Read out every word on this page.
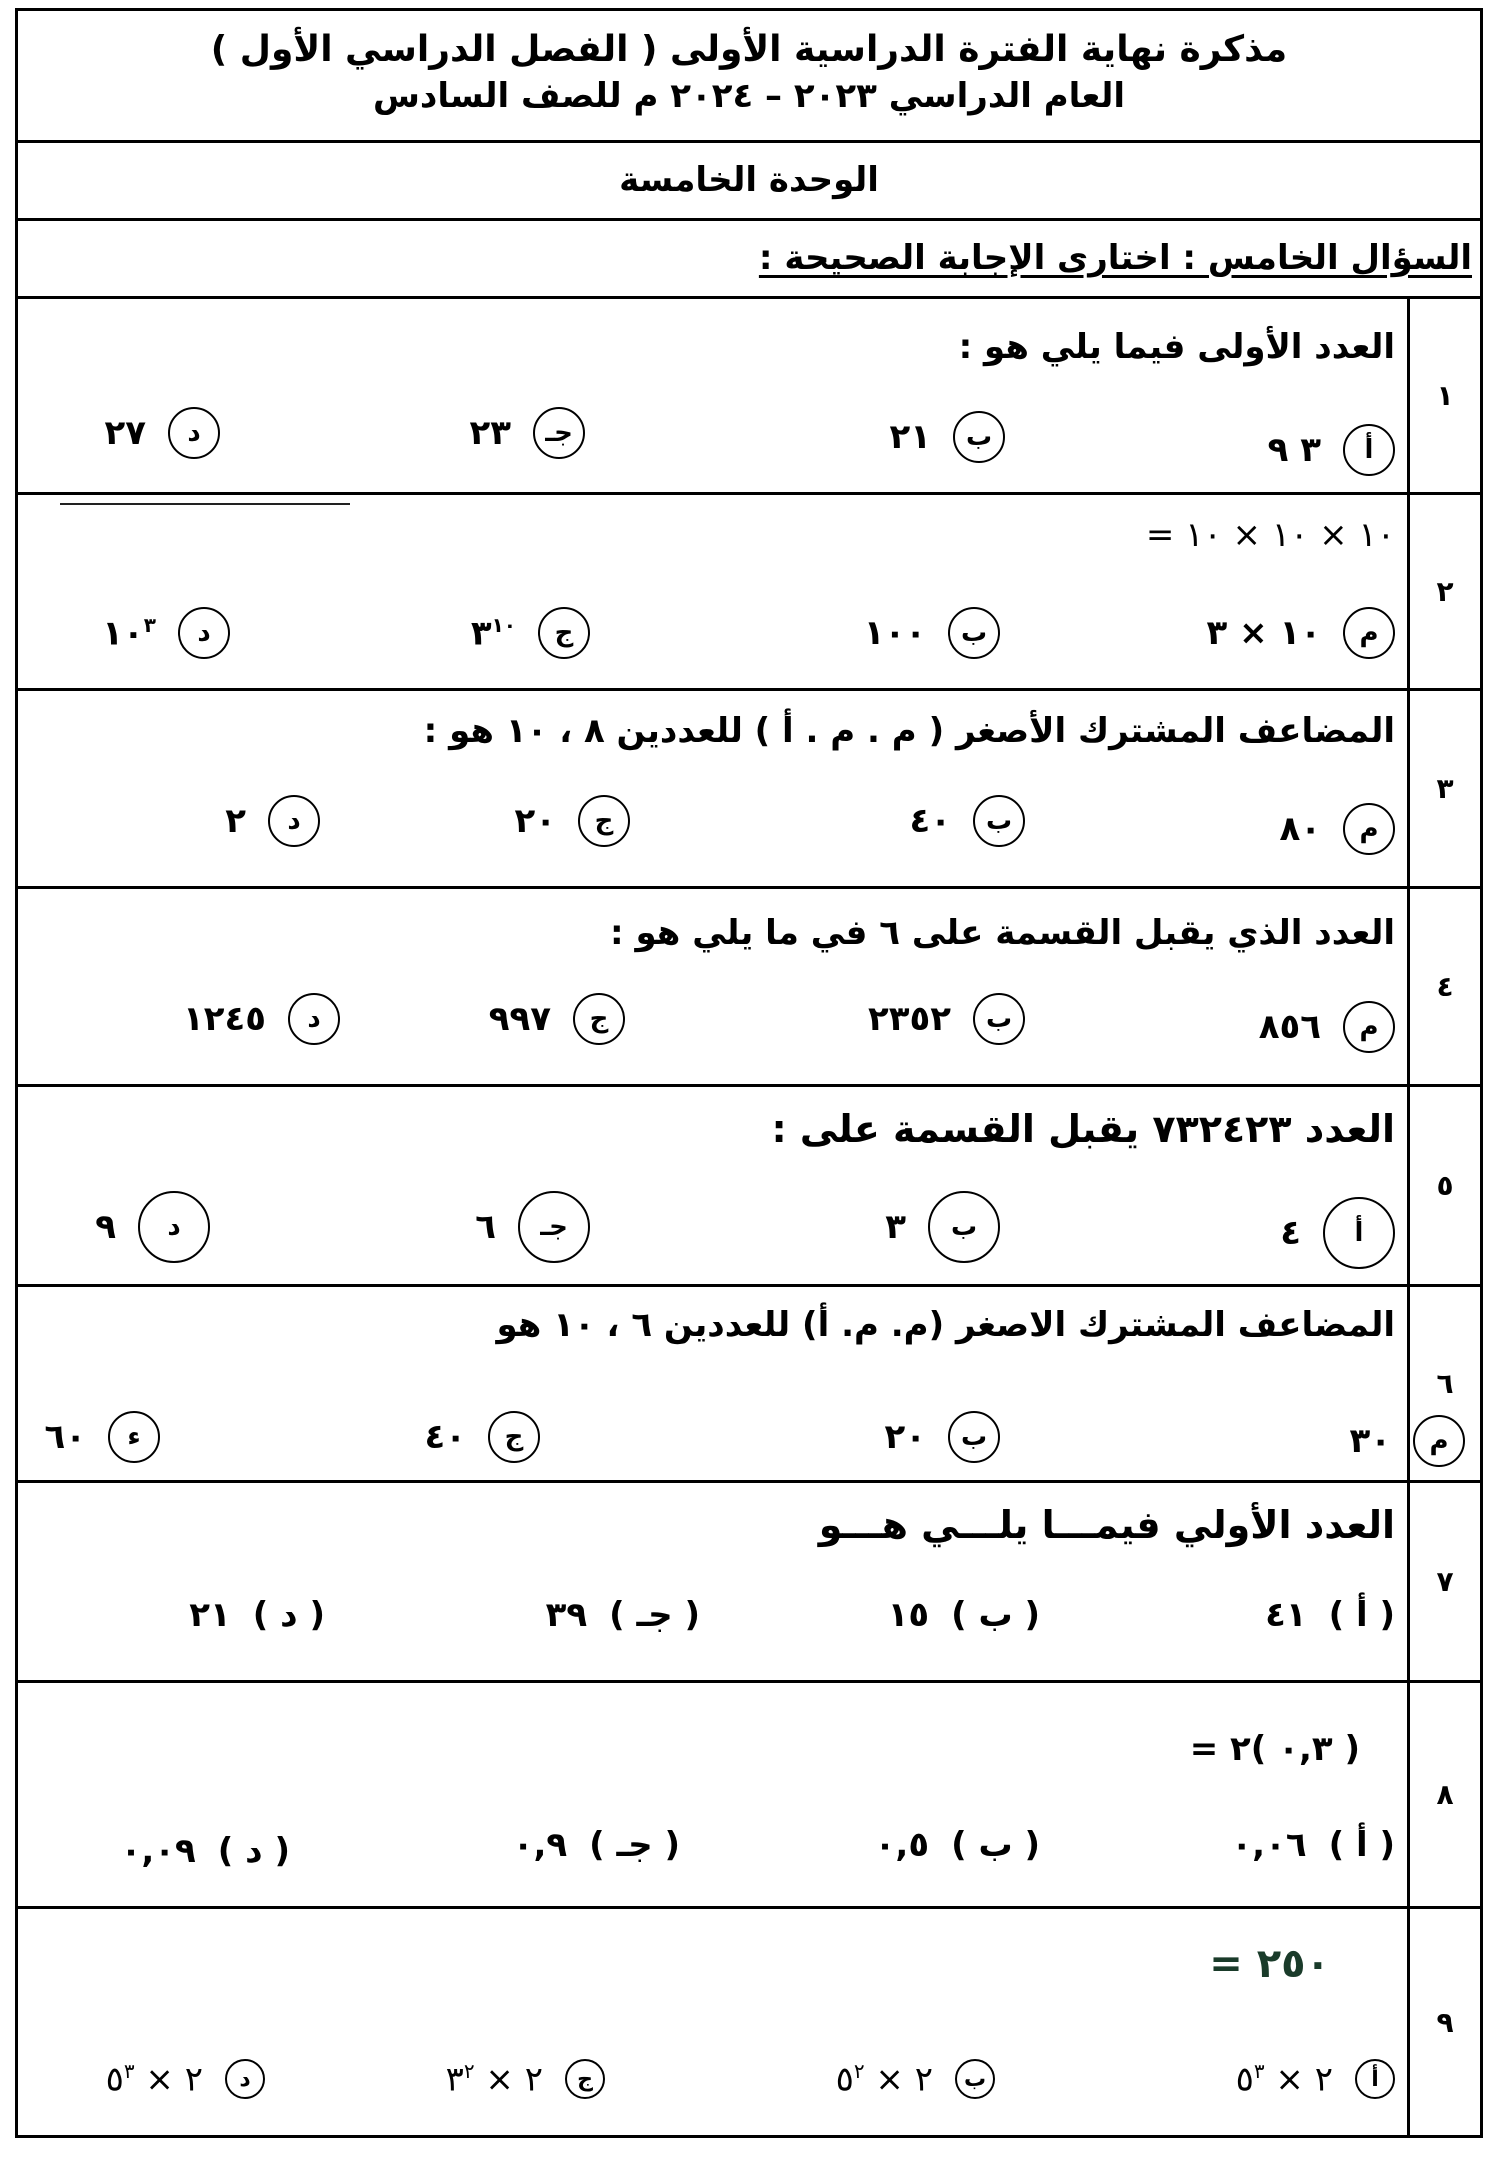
مذكرة نهاية الفترة الدراسية الأولى ( الفصل الدراسي الأول )
العام الدراسي ٢٠٢٣ – ٢٠٢٤ م للصف السادس
الوحدة الخامسة
السؤال الخامس : اختارى الإجابة الصحيحة :
١
العدد الأولى فيما يلي هو :
أ
٣ ٩
ب
٢١
جـ
٢٣
د
٢٧
٢
١٠ × ١٠ × ١٠ =
م
١٠ × ٣
ب
١٠٠
ج
$٣^{١٠}$
د
$١٠^٣$
٣
المضاعف المشترك الأصغر ( م . م . أ ) للعددين ٨ ، ١٠ هو :
م
٨٠
ب
٤٠
ج
٢٠
د
٢
٤
العدد الذي يقبل القسمة على ٦ في ما يلي هو :
م
٨٥٦
ب
٢٣٥٢
ج
٩٩٧
د
١٢٤٥
٥
العدد ٧٣٢٤٢٣ يقبل القسمة على :
أ
٤
ب
٣
جـ
٦
د
٩
٦
المضاعف المشترك الاصغر (م. م. أ) للعددين ٦ ، ١٠ هو
م
٣٠
ب
٢٠
ج
٤٠
ء
٦٠
٧
العدد الأولي فيمـــا يلـــي هـــو
( أ )
٤١
( ب )
١٥
( جـ )
٣٩
( د )
٢١
٨
( ٠,٣ )٢ =
( أ )
٠,٠٦
( ب )
٠,٥
( جـ )
٠,٩
( د )
٠,٠٩
٩
٢٥٠ =
أ
٢ × $٥^٣$
ب
٢ × $٥^٢$
ج
٢ × $٣^٢$
د
٢ × $٥^٣$
